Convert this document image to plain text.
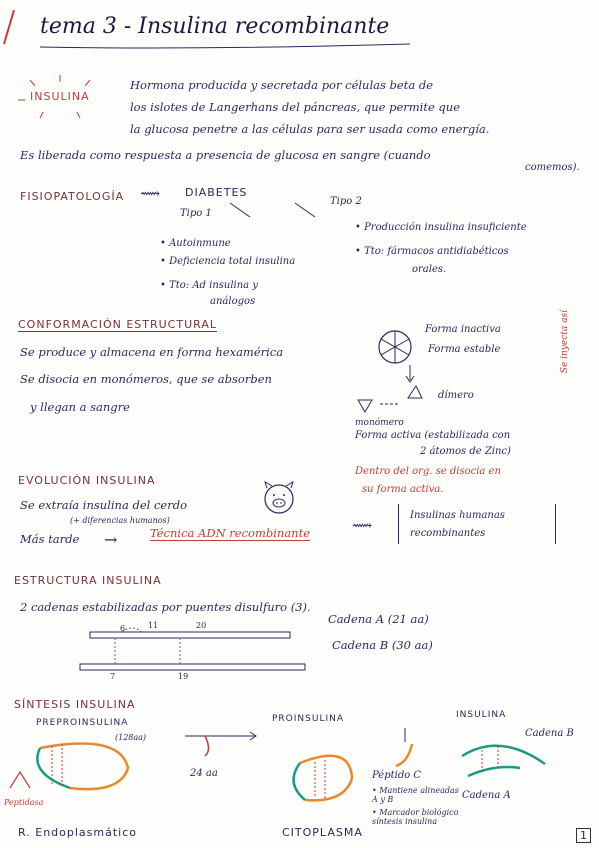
tema 3 - Insulina recombinante
INSULINA
Hormona producida y secretada por células beta de
los islotes de Langerhans del páncreas, que permite que
la glucosa penetre a las células para ser usada como energía.
Es liberada como respuesta a presencia de glucosa en sangre (cuando
comemos).
FISIOPATOLOGÍA ⟿ DIABETES
Tipo 1
Tipo 2
• Autoinmune
• Deficiencia total insulina
• Tto: Ad insulina y
análogos
• Producción insulina insuficiente
• Tto: fármacos antidiabéticos
orales.
CONFORMACIÓN ESTRUCTURAL
Se produce y almacena en forma hexamérica
Se disocia en monómeros, que se absorben
y llegan a sangre
Forma inactiva
Forma estable	Se inyecta así
dímero
monómero
Forma activa (estabilizada con
2 átomos de Zinc)
Dentro del org. se disocia en
su forma activa.
EVOLUCIÓN INSULINA
Se extraía insulina del cerdo
(+ diferencias humanos)
Más tarde →	Técnica ADN recombinante	⟿
Insulinas humanas
recombinantes
ESTRUCTURA INSULINA
2 cadenas estabilizadas por puentes disulfuro (3).
6	11	20
7	19
Cadena A (21 aa)
Cadena B (30 aa)
SÍNTESIS INSULINA
PREPROINSULINA
(128aa)
PROINSULINA	INSULINA
24 aa	Péptido C
• Mantiene alineadas A y B
• Marcador biológico síntesis insulina
Cadena B
Cadena A
Peptidasa
R. Endoplasmático	CITOPLASMA	1
